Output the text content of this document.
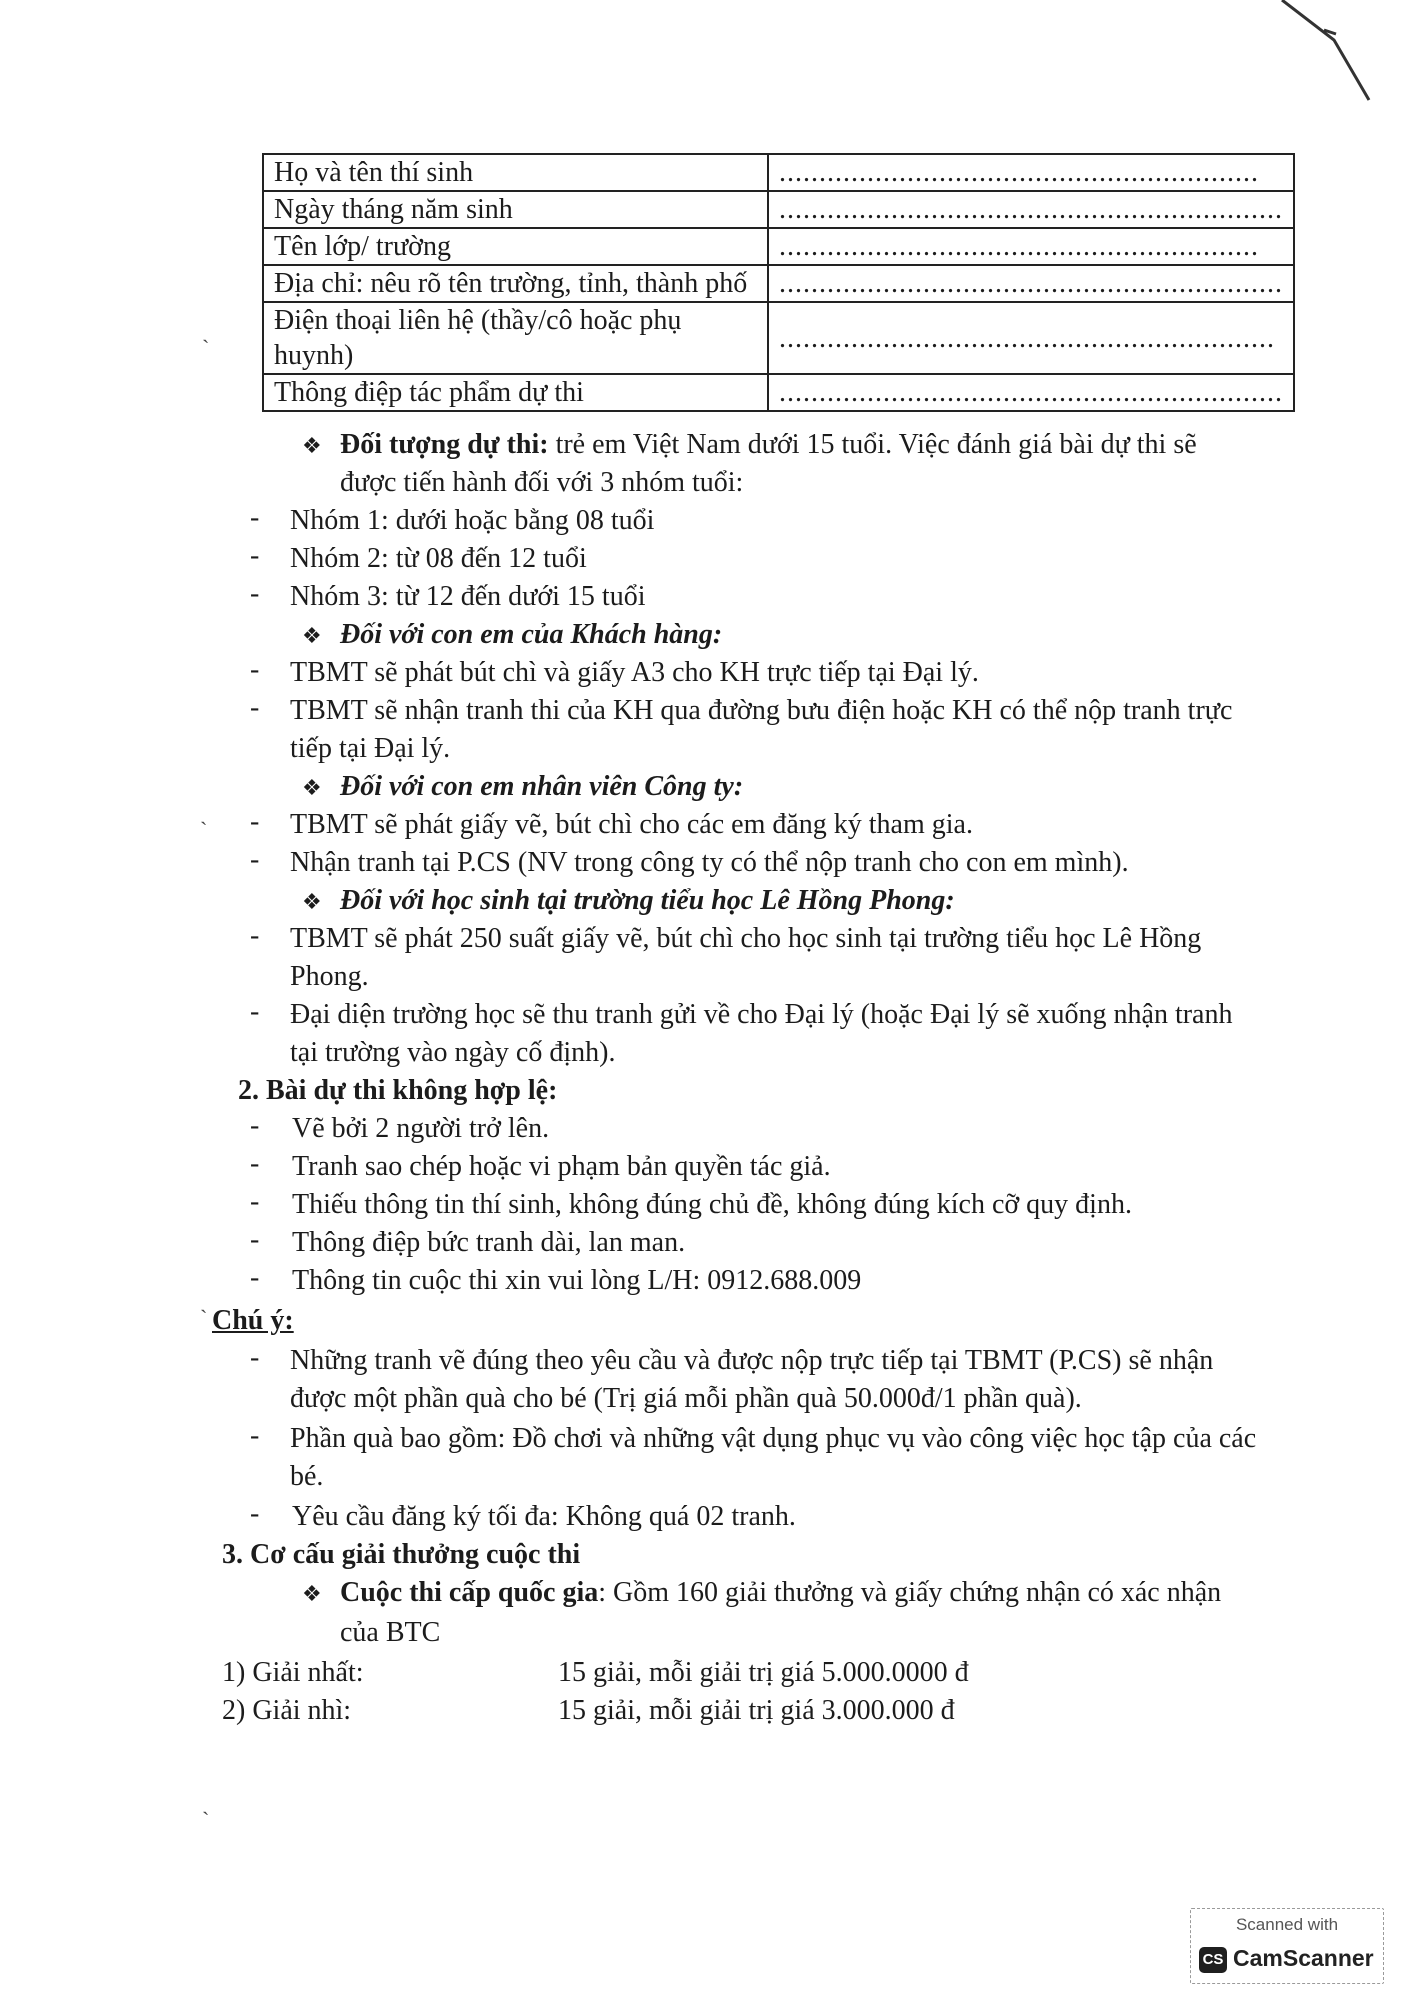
Họ và tên thí sinh	............................................................
Ngày tháng năm sinh	...............................................................
Tên lớp/ trường	............................................................
Địa chỉ: nêu rõ tên trường, tỉnh, thành phố	...............................................................
Điện thoại liên hệ (thầy/cô hoặc phụ huynh)	..............................................................
Thông điệp tác phẩm dự thi	...............................................................
ˏ
❖ Đối tượng dự thi: trẻ em Việt Nam dưới 15 tuổi. Việc đánh giá bài dự thi sẽ
được tiến hành đối với 3 nhóm tuổi:
- Nhóm 1: dưới hoặc bằng 08 tuổi
- Nhóm 2: từ 08 đến 12 tuổi
- Nhóm 3: từ 12 đến dưới 15 tuổi
❖ Đối với con em của Khách hàng:
- TBMT sẽ phát bút chì và giấy A3 cho KH trực tiếp tại Đại lý.
- TBMT sẽ nhận tranh thi của KH qua đường bưu điện hoặc KH có thể nộp tranh trực
tiếp tại Đại lý.
❖ Đối với con em nhân viên Công ty:
ˏ - TBMT sẽ phát giấy vẽ, bút chì cho các em đăng ký tham gia.
- Nhận tranh tại P.CS (NV trong công ty có thể nộp tranh cho con em mình).
❖ Đối với học sinh tại trường tiểu học Lê Hồng Phong:
- TBMT sẽ phát 250 suất giấy vẽ, bút chì cho học sinh tại trường tiểu học Lê Hồng
Phong.
- Đại diện trường học sẽ thu tranh gửi về cho Đại lý (hoặc Đại lý sẽ xuống nhận tranh
tại trường vào ngày cố định).
2. Bài dự thi không hợp lệ:
- Vẽ bởi 2 người trở lên.
- Tranh sao chép hoặc vi phạm bản quyền tác giả.
- Thiếu thông tin thí sinh, không đúng chủ đề, không đúng kích cỡ quy định.
- Thông điệp bức tranh dài, lan man.
- Thông tin cuộc thi xin vui lòng L/H: 0912.688.009
ˏ
Chú ý:
- Những tranh vẽ đúng theo yêu cầu và được nộp trực tiếp tại TBMT (P.CS) sẽ nhận
được một phần quà cho bé (Trị giá mỗi phần quà 50.000đ/1 phần quà).
- Phần quà bao gồm: Đồ chơi và những vật dụng phục vụ vào công việc học tập của các
bé.
- Yêu cầu đăng ký tối đa: Không quá 02 tranh.
3. Cơ cấu giải thưởng cuộc thi
❖ Cuộc thi cấp quốc gia: Gồm 160 giải thưởng và giấy chứng nhận có xác nhận
của BTC
1) Giải nhất:	15 giải, mỗi giải trị giá 5.000.0000 đ
2) Giải nhì:	15 giải, mỗi giải trị giá 3.000.000 đ
ˏ
Scanned with
CS CamScanner
